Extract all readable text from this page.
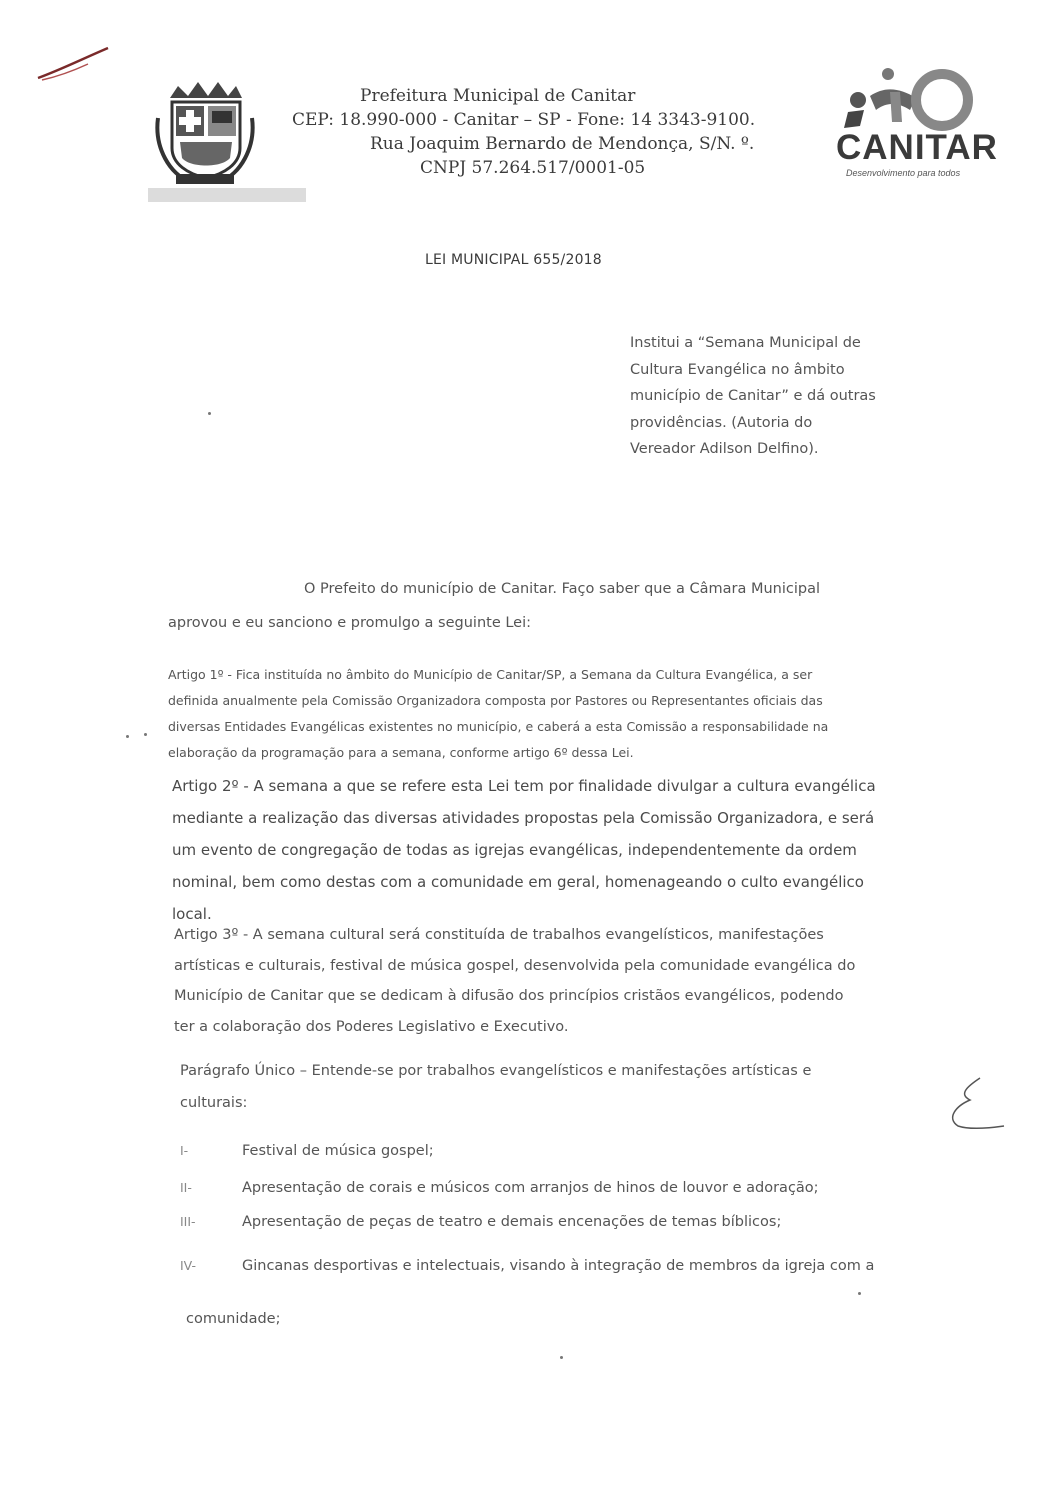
Prefeitura Municipal de Canitar
CEP: 18.990-000 - Canitar – SP - Fone: 14 3343-9100.
Rua Joaquim Bernardo de Mendonça, S/N. º.
CNPJ 57.264.517/0001-05
CANITAR
Desenvolvimento para todos
LEI MUNICIPAL 655/2018
Institui a “Semana Municipal de
Cultura Evangélica no âmbito
município de Canitar” e dá outras
providências. (Autoria do
Vereador Adilson Delfino).
O Prefeito do município de Canitar. Faço saber que a Câmara Municipal
aprovou e eu sanciono e promulgo a seguinte Lei:
Artigo 1º - Fica instituída no âmbito do Município de Canitar/SP, a Semana da Cultura Evangélica, a ser
definida anualmente pela Comissão Organizadora composta por Pastores ou Representantes oficiais das
diversas Entidades Evangélicas existentes no município, e caberá a esta Comissão a responsabilidade na
elaboração da programação para a semana, conforme artigo 6º dessa Lei.
Artigo 2º - A semana a que se refere esta Lei tem por finalidade divulgar a cultura evangélica
mediante a realização das diversas atividades propostas pela Comissão Organizadora, e será
um evento de congregação de todas as igrejas evangélicas, independentemente da ordem
nominal, bem como destas com a comunidade em geral, homenageando o culto evangélico
local.
Artigo 3º - A semana cultural será constituída de trabalhos evangelísticos, manifestações
artísticas e culturais, festival de música gospel, desenvolvida pela comunidade evangélica do
Município de Canitar que se dedicam à difusão dos princípios cristãos evangélicos, podendo
ter a colaboração dos Poderes Legislativo e Executivo.
Parágrafo Único – Entende-se por trabalhos evangelísticos e manifestações artísticas e
culturais:
I-	Festival de música gospel;
II-	Apresentação de corais e músicos com arranjos de hinos de louvor e adoração;
III-	Apresentação de peças de teatro e demais encenações de temas bíblicos;
IV-	Gincanas desportivas e intelectuais, visando à integração de membros da igreja com a
comunidade;
